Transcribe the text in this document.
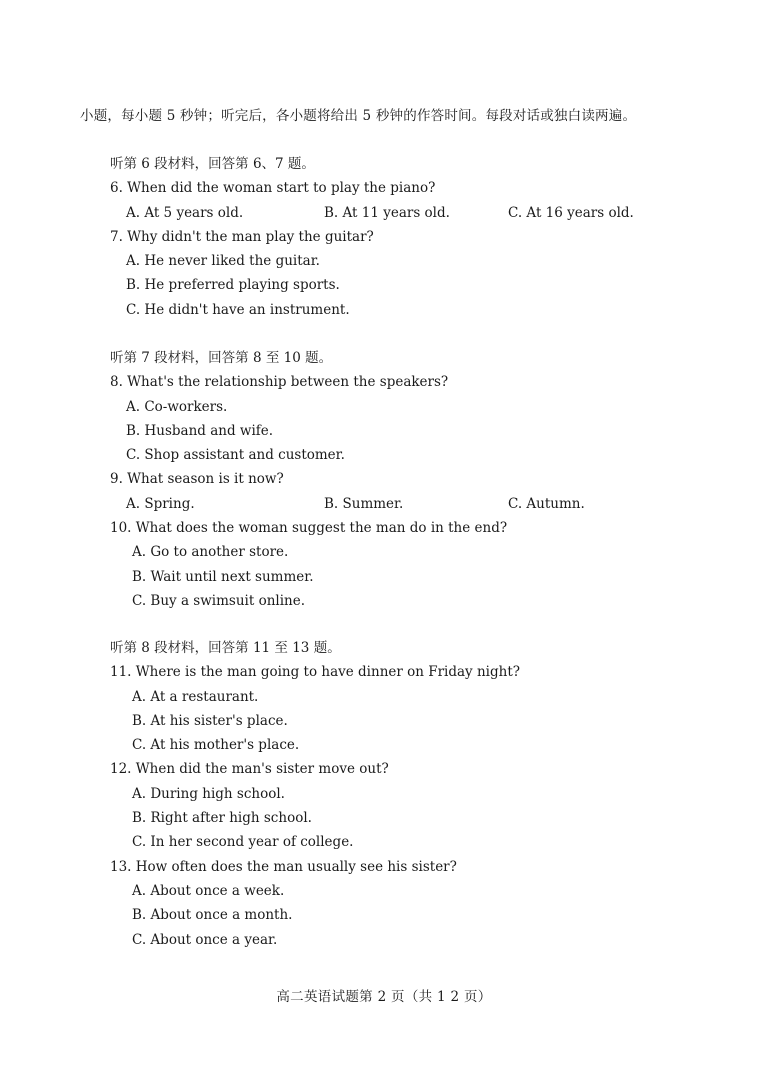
小题，每小题 5 秒钟；听完后，各小题将给出 5 秒钟的作答时间。每段对话或独白读两遍。
听第 6 段材料，回答第 6、7 题。
6. When did the woman start to play the piano?
A. At 5 years old.	B. At 11 years old.	C. At 16 years old.
7. Why didn't the man play the guitar?
A. He never liked the guitar.
B. He preferred playing sports.
C. He didn't have an instrument.
听第 7 段材料，回答第 8 至 10 题。
8. What's the relationship between the speakers?
A. Co-workers.
B. Husband and wife.
C. Shop assistant and customer.
9. What season is it now?
A. Spring.	B. Summer.	C. Autumn.
10. What does the woman suggest the man do in the end?
A. Go to another store.
B. Wait until next summer.
C. Buy a swimsuit online.
听第 8 段材料，回答第 11 至 13 题。
11. Where is the man going to have dinner on Friday night?
A. At a restaurant.
B. At his sister's place.
C. At his mother's place.
12. When did the man's sister move out?
A. During high school.
B. Right after high school.
C. In her second year of college.
13. How often does the man usually see his sister?
A. About once a week.
B. About once a month.
C. About once a year.
高二英语试题第 2 页（共 1 2 页）
